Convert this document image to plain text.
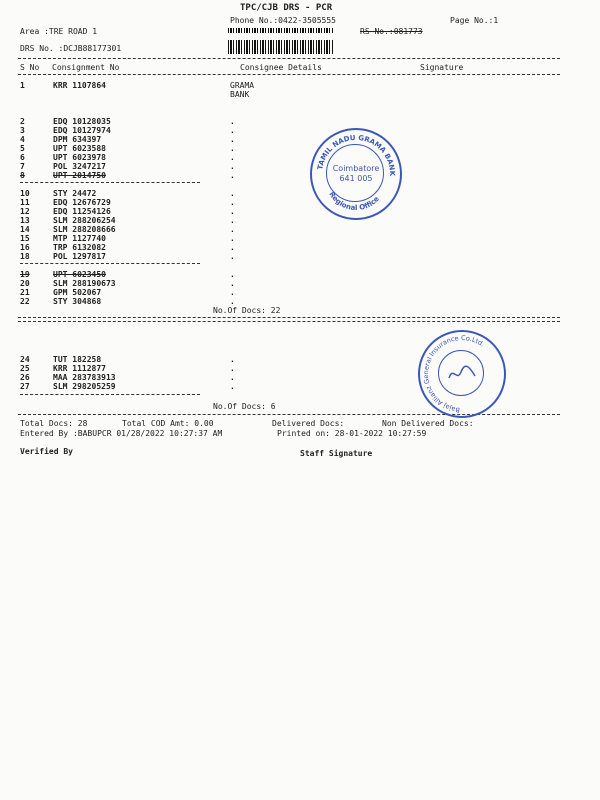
TPC/CJB DRS - PCR
Phone No.:0422-3505555	Page No.:1
Area :TRE ROAD 1	RS No.:081773
DRS No. :DCJB88177301
S No Consignment No	Consignee Details	Signature
1	KRR 1107864	GRAMA BANK
2	EDQ 10128035	.
3	EDQ 10127974	.
4	DPM 634397	.
5	UPT 6023588	.
6	UPT 6023978	.
7	POL 3247217	.
8	UPT 2014750	.
10	STY 24472	.
11	EDQ 12676729	.
12	EDQ 11254126	.
13	SLM 288206254	.
14	SLM 288208666	.
15	MTP 1127740	.
16	TRP 6132082	.
18	POL 1297817	.
19	UPT 6023450	.
20	SLM 288190673	.
21	GPM 502067	.
22	STY 304868	.
No.Of Docs: 22
24	TUT 182258	.
25	KRR 1112877	.
26	MAA 283783913	.
27	SLM 298205259	.
No.Of Docs: 6
Total Docs: 28	Total COD Amt: 0.00	Delivered Docs:	Non Delivered Docs:
Entered By :BABUPCR 01/28/2022 10:27:37 AM	Printed on: 28-01-2022 10:27:59
Verified By	Staff Signature
TAMIL NADU GRAMA BANK
Regional Office
Coimbatore
641 005
Bajaj Allianz General Insurance Co.Ltd.
